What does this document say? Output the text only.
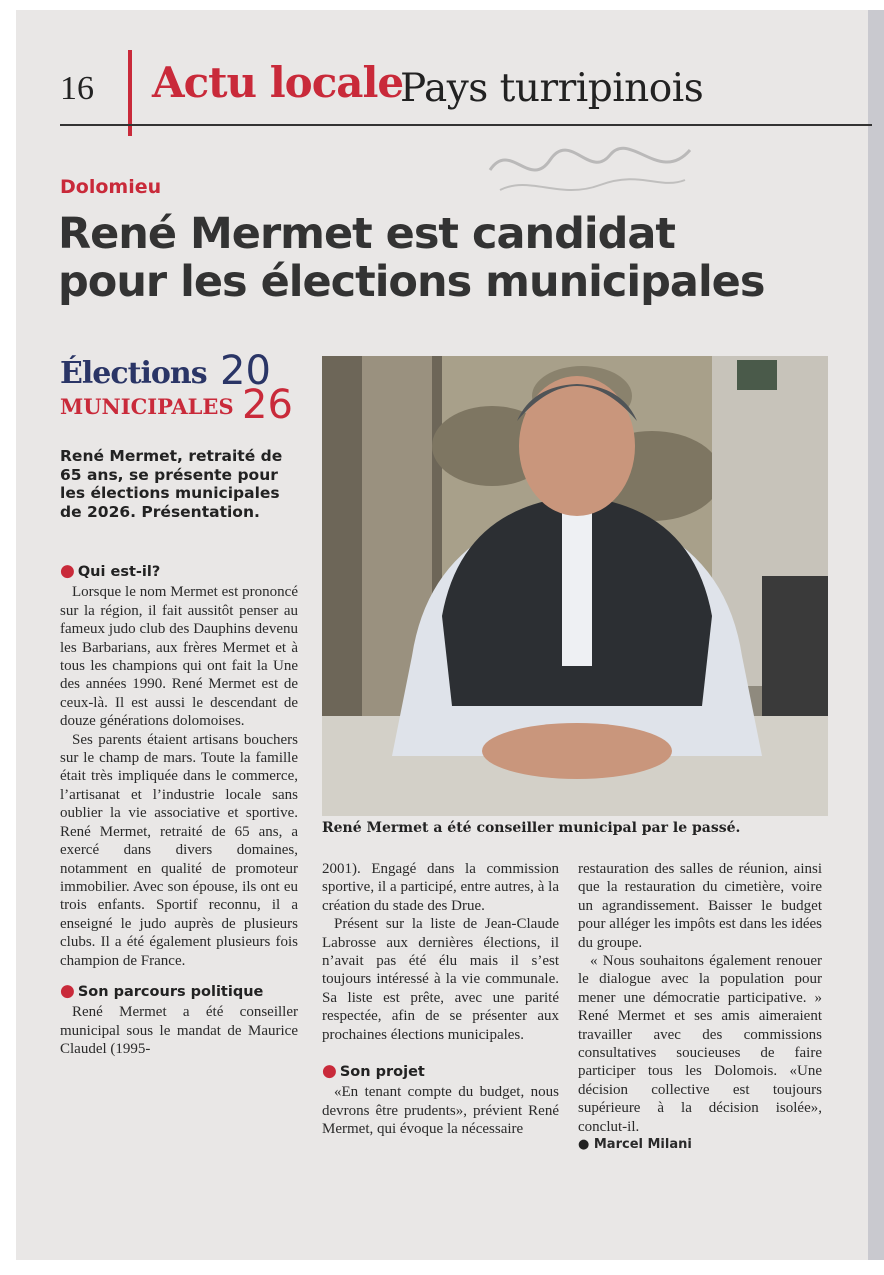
16 Actu locale
Pays turripinois
Dolomieu
René Mermet est candidat
pour les élections municipales
Élections
MUNICIPALES
20
26
René Mermet, retraité de 65 ans, se présente pour les élections municipales de 2026. Présentation.
René Mermet a été conseiller municipal par le passé.
● Qui est-il?

Lorsque le nom Mermet est prononcé sur la région, il fait aussitôt penser au fameux judo club des Dauphins devenu les Barbarians, aux frères Mermet et à tous les champions qui ont fait la Une des années 1990. René Mermet est de ceux-là. Il est aussi le descendant de douze générations dolomoises.

Ses parents étaient artisans bouchers sur le champ de mars. Toute la famille était très impliquée dans le commerce, l’artisanat et l’industrie locale sans oublier la vie associative et sportive. René Mermet, retraité de 65 ans, a exercé dans divers domaines, notamment en qualité de promoteur immobilier. Avec son épouse, ils ont eu trois enfants. Sportif reconnu, il a enseigné le judo auprès de plusieurs clubs. Il a été également plusieurs fois champion de France.

● Son parcours politique

René Mermet a été conseiller municipal sous le mandat de Maurice Claudel (1995-

2001). Engagé dans la commission sportive, il a participé, entre autres, à la création du stade des Drue.

Présent sur la liste de Jean-Claude Labrosse aux dernières élections, il n’avait pas été élu mais il s’est toujours intéressé à la vie communale. Sa liste est prête, avec une parité respectée, afin de se présenter aux prochaines élections municipales.

● Son projet

«En tenant compte du budget, nous devrons être prudents», prévient René Mermet, qui évoque la nécessaire

restauration des salles de réunion, ainsi que la restauration du cimetière, voire un agrandissement. Baisser le budget pour alléger les impôts est dans les idées du groupe.

« Nous souhaitons également renouer le dialogue avec la population pour mener une démocratie participative. » René Mermet et ses amis aimeraient travailler avec des commissions consultatives soucieuses de faire participer tous les Dolomois. «Une décision collective est toujours supérieure à la décision isolée», conclut-il.

● Marcel Milani
